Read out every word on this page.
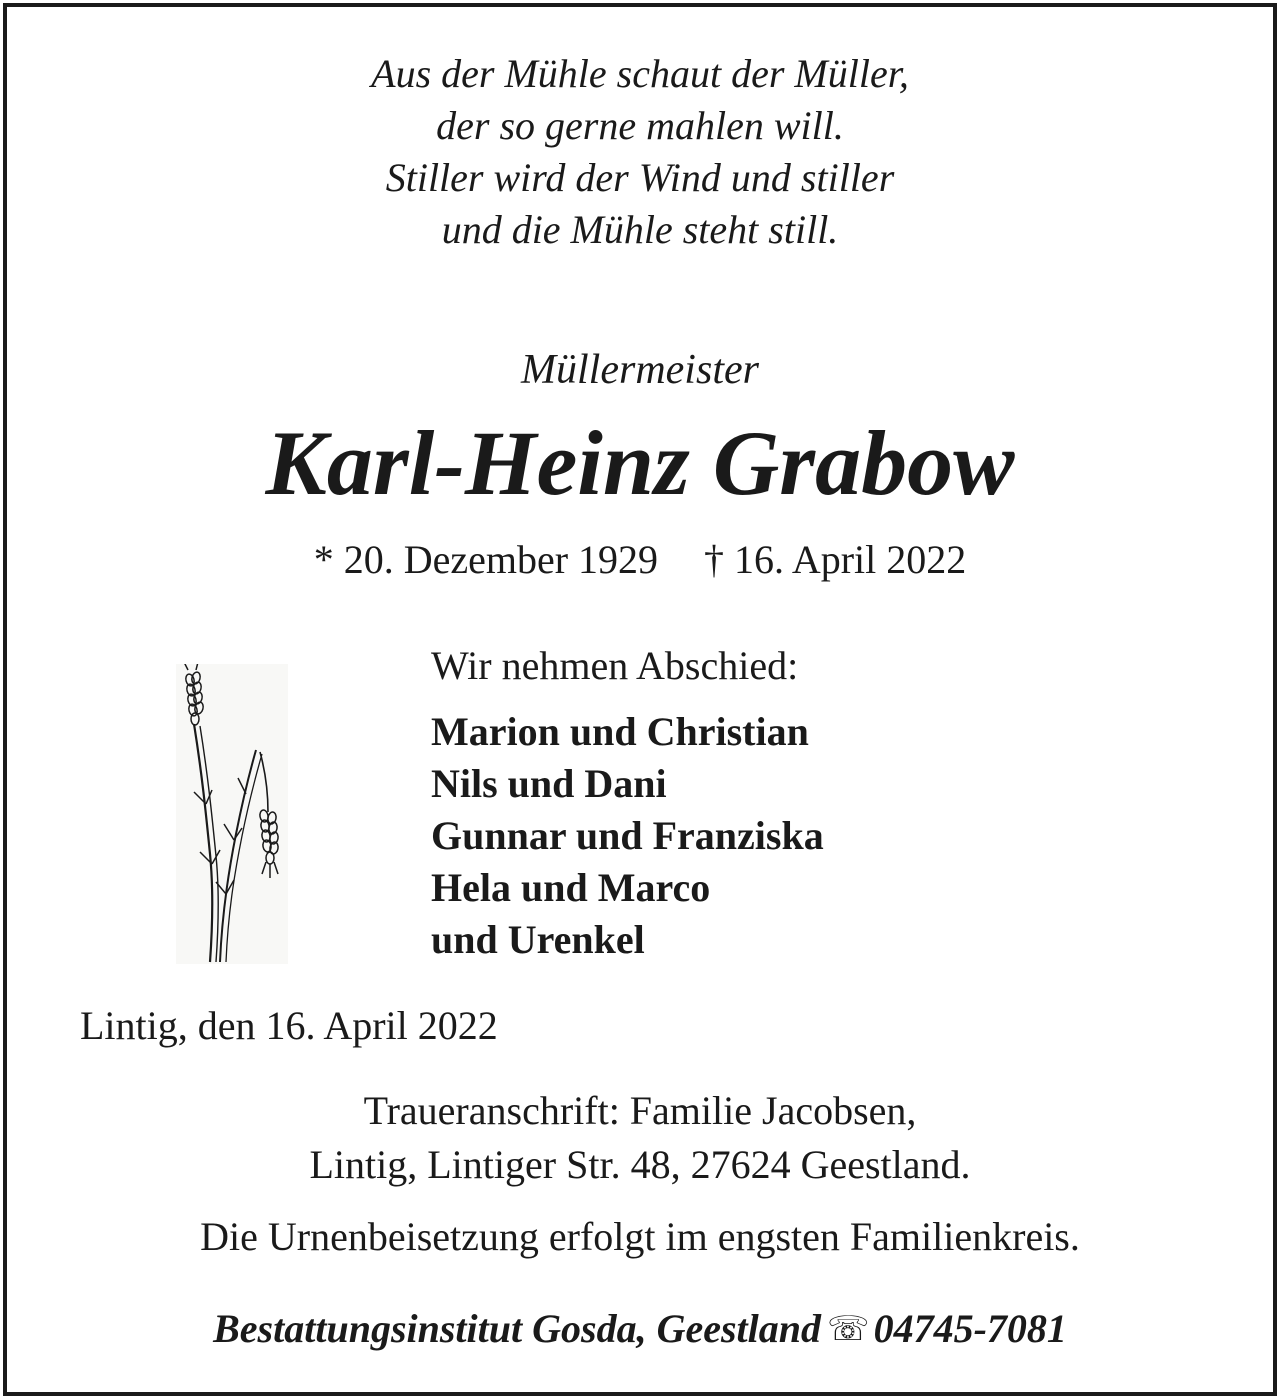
Aus der Mühle schaut der Müller,
der so gerne mahlen will.
Stiller wird der Wind und stiller
und die Mühle steht still.
Müllermeister
Karl-Heinz Grabow
* 20. Dezember 1929 † 16. April 2022
Wir nehmen Abschied:
Marion und Christian
Nils und Dani
Gunnar und Franziska
Hela und Marco
und Urenkel
Lintig, den 16. April 2022
Traueranschrift: Familie Jacobsen,
Lintig, Lintiger Str. 48, 27624 Geestland.
Die Urnenbeisetzung erfolgt im engsten Familienkreis.
Bestattungsinstitut Gosda, Geestland ☏ 04745-7081
